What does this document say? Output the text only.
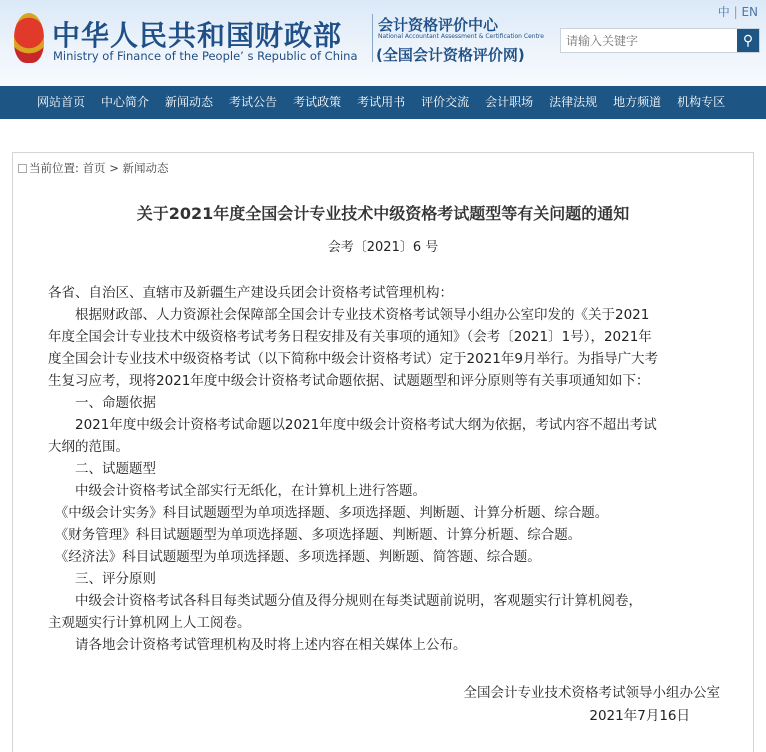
中华人民共和国财政部
Ministry of Finance of the People’ s Republic of China
会计资格评价中心
National Accountant Assessment & Certification Centre
(全国会计资格评价网)
中 | EN
请输入关键字
⚲
网站首页 中心简介 新闻动态 考试公告 考试政策 考试用书 评价交流 会计职场 法律法规 地方频道 机构专区
当前位置: 首页 > 新闻动态
关于2021年度全国会计专业技术中级资格考试题型等有关问题的通知
会考〔2021〕6 号
各省、自治区、直辖市及新疆生产建设兵团会计资格考试管理机构：
　　根据财政部、人力资源社会保障部全国会计专业技术资格考试领导小组办公室印发的《关于2021
年度全国会计专业技术中级资格考试考务日程安排及有关事项的通知》（会考〔2021〕1号），2021年
度全国会计专业技术中级资格考试（以下简称中级会计资格考试）定于2021年9月举行。为指导广大考
生复习应考，现将2021年度中级会计资格考试命题依据、试题题型和评分原则等有关事项通知如下：
　　一、命题依据
　　2021年度中级会计资格考试命题以2021年度中级会计资格考试大纲为依据，考试内容不超出考试
大纲的范围。
　　二、试题题型
　　中级会计资格考试全部实行无纸化，在计算机上进行答题。
　《中级会计实务》科目试题题型为单项选择题、多项选择题、判断题、计算分析题、综合题。
　《财务管理》科目试题题型为单项选择题、多项选择题、判断题、计算分析题、综合题。
　《经济法》科目试题题型为单项选择题、多项选择题、判断题、简答题、综合题。
　　三、评分原则
　　中级会计资格考试各科目每类试题分值及得分规则在每类试题前说明，客观题实行计算机阅卷，
主观题实行计算机网上人工阅卷。
　　请各地会计资格考试管理机构及时将上述内容在相关媒体上公布。
全国会计专业技术资格考试领导小组办公室
2021年7月16日
